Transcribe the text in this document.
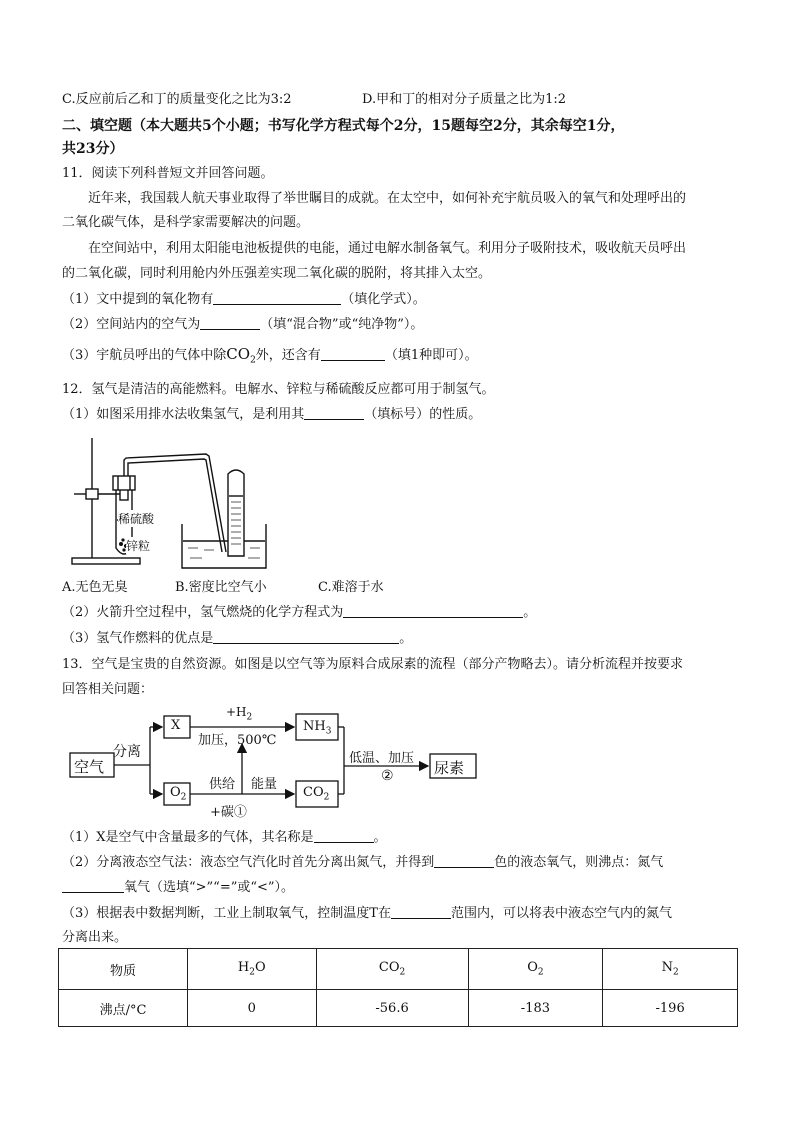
C.反应前后乙和丁的质量变化之比为3:2	D.甲和丁的相对分子质量之比为1:2
二、填空题（本大题共5个小题；书写化学方程式每个2分，15题每空2分，其余每空1分，
共23分）
11．阅读下列科普短文并回答问题。
近年来，我国载人航天事业取得了举世瞩目的成就。在太空中，如何补充宇航员吸入的氧气和处理呼出的
二氧化碳气体，是科学家需要解决的问题。
在空间站中，利用太阳能电池板提供的电能，通过电解水制备氧气。利用分子吸附技术，吸收航天员呼出
的二氧化碳，同时利用舱内外压强差实现二氧化碳的脱附，将其排入太空。
（1）文中提到的氧化物有	（填化学式）。
（2）空间站内的空气为	（填“混合物”或“纯净物”）。
（3）宇航员呼出的气体中除$CO_2$外，还含有	（填1种即可）。
12．氢气是清洁的高能燃料。电解水、锌粒与稀硫酸反应都可用于制氢气。
（1）如图采用排水法收集氢气，是利用其	（填标号）的性质。
稀硫酸
锌粒
A.无色无臭	B.密度比空气小	C.难溶于水
（2）火箭升空过程中，氢气燃烧的化学方程式为	。
（3）氢气作燃料的优点是	。
13．空气是宝贵的自然资源。如图是以空气等为原料合成尿素的流程（部分产物略去）。请分析流程并按要求
回答相关问题：
空气
分离
X
$+H_2$
加压，500℃
$NH_3$
$O_2$
供给 能量
+碳①
$CO_2$
低温、加压
②	尿素
（1）X是空气中含量最多的气体，其名称是	。
（2）分离液态空气法：液态空气汽化时首先分离出氮气，并得到	色的液态氧气，则沸点：氮气
氧气（选填“>”“=”或“<”）。
（3）根据表中数据判断，工业上制取氧气，控制温度T在	范围内，可以将表中液态空气内的氮气
分离出来。
物质	$H_2O$	$CO_2$	$O_2$	$N_2$
沸点/°C	0	-56.6	-183	-196
